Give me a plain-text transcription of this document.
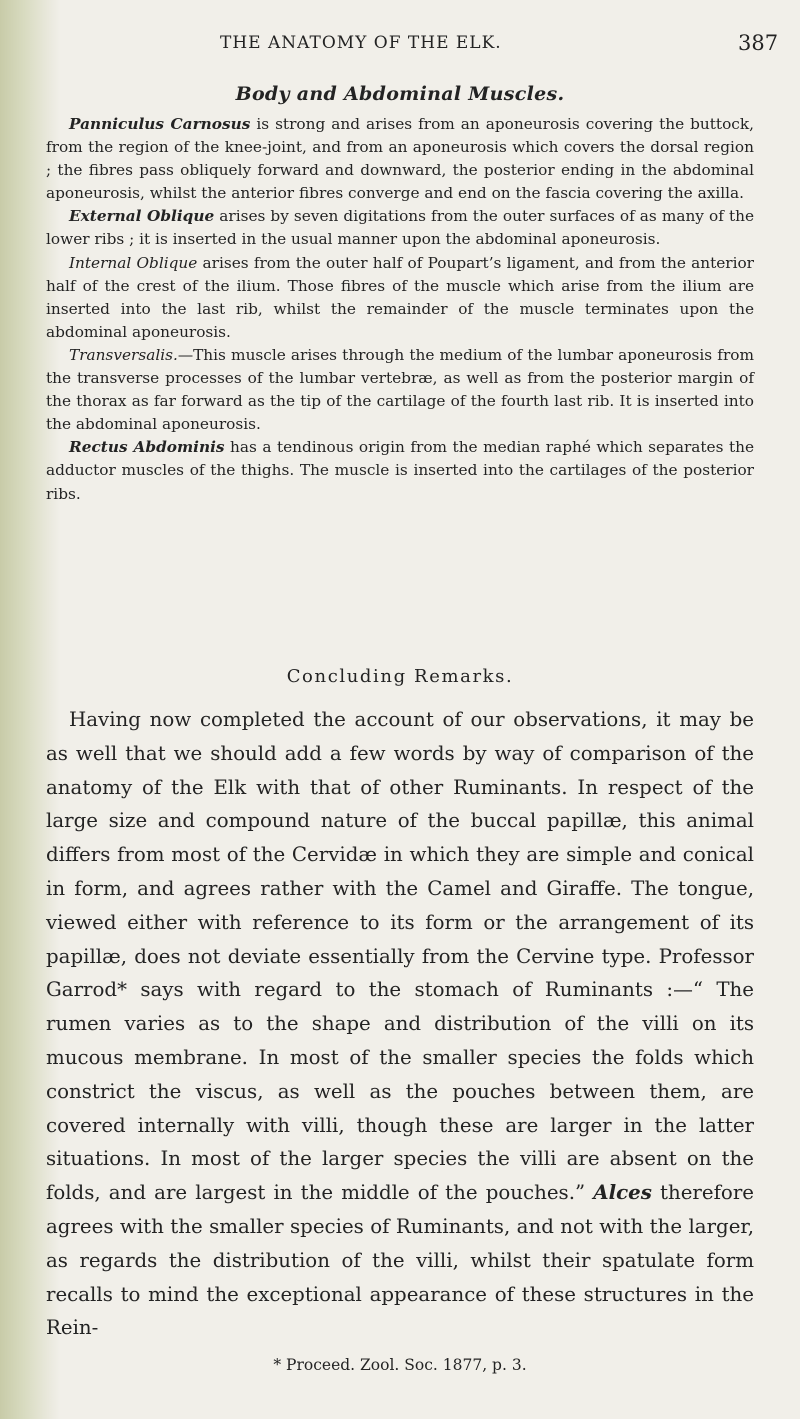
THE ANATOMY OF THE ELK.	387
Body and Abdominal Muscles.

Panniculus Carnosus is strong and arises from an aponeurosis covering the buttock, from the region of the knee-joint, and from an aponeurosis which covers the dorsal region ; the fibres pass obliquely forward and downward, the posterior ending in the abdominal aponeurosis, whilst the anterior fibres converge and end on the fascia covering the axilla.

External Oblique arises by seven digitations from the outer surfaces of as many of the lower ribs ; it is inserted in the usual manner upon the abdominal aponeurosis.

Internal Oblique arises from the outer half of Poupart’s ligament, and from the anterior half of the crest of the ilium. Those fibres of the muscle which arise from the ilium are inserted into the last rib, whilst the remainder of the muscle terminates upon the abdominal aponeurosis.

Transversalis.—This muscle arises through the medium of the lumbar aponeurosis from the transverse processes of the lumbar vertebræ, as well as from the posterior margin of the thorax as far forward as the tip of the cartilage of the fourth last rib. It is inserted into the abdominal aponeurosis.

Rectus Abdominis has a tendinous origin from the median raphé which separates the adductor muscles of the thighs. The muscle is inserted into the cartilages of the posterior ribs.

Concluding Remarks.

Having now completed the account of our observations, it may be as well that we should add a few words by way of comparison of the anatomy of the Elk with that of other Ruminants. In respect of the large size and compound nature of the buccal papillæ, this animal differs from most of the Cervidæ in which they are simple and conical in form, and agrees rather with the Camel and Giraffe. The tongue, viewed either with reference to its form or the arrangement of its papillæ, does not deviate essentially from the Cervine type. Professor Garrod* says with regard to the stomach of Ruminants :—“ The rumen varies as to the shape and distribution of the villi on its mucous membrane. In most of the smaller species the folds which constrict the viscus, as well as the pouches between them, are covered internally with villi, though these are larger in the latter situations. In most of the larger species the villi are absent on the folds, and are largest in the middle of the pouches.” Alces therefore agrees with the smaller species of Ruminants, and not with the larger, as regards the distribution of the villi, whilst their spatulate form recalls to mind the exceptional appearance of these structures in the Rein-

* Proceed. Zool. Soc. 1877, p. 3.
